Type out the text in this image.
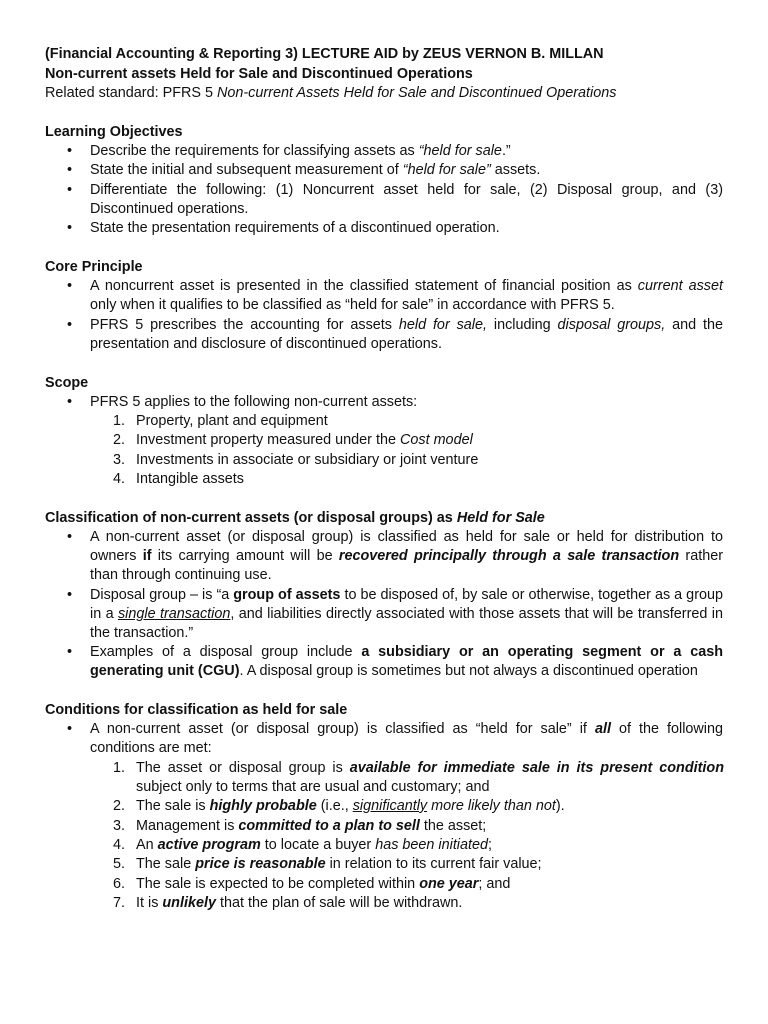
(Financial Accounting & Reporting 3) LECTURE AID by ZEUS VERNON B. MILLAN
Non-current assets Held for Sale and Discontinued Operations
Related standard: PFRS 5 Non-current Assets Held for Sale and Discontinued Operations
Learning Objectives
•	Describe the requirements for classifying assets as “held for sale.”
•	State the initial and subsequent measurement of “held for sale” assets.
•	Differentiate the following: (1) Noncurrent asset held for sale, (2) Disposal group, and (3) Discontinued operations.
•	State the presentation requirements of a discontinued operation.
Core Principle
•	A noncurrent asset is presented in the classified statement of financial position as current asset only when it qualifies to be classified as “held for sale” in accordance with PFRS 5.
•	PFRS 5 prescribes the accounting for assets held for sale, including disposal groups, and the presentation and disclosure of discontinued operations.
Scope
•	PFRS 5 applies to the following non-current assets:
1. Property, plant and equipment
2. Investment property measured under the Cost model
3. Investments in associate or subsidiary or joint venture
4. Intangible assets
Classification of non-current assets (or disposal groups) as Held for Sale
•	A non-current asset (or disposal group) is classified as held for sale or held for distribution to owners if its carrying amount will be recovered principally through a sale transaction rather than through continuing use.
•	Disposal group – is “a group of assets to be disposed of, by sale or otherwise, together as a group in a single transaction, and liabilities directly associated with those assets that will be transferred in the transaction.”
•	Examples of a disposal group include a subsidiary or an operating segment or a cash generating unit (CGU). A disposal group is sometimes but not always a discontinued operation
Conditions for classification as held for sale
•	A non-current asset (or disposal group) is classified as “held for sale” if all of the following conditions are met:
1. The asset or disposal group is available for immediate sale in its present condition subject only to terms that are usual and customary; and
2. The sale is highly probable (i.e., significantly more likely than not).
3. Management is committed to a plan to sell the asset;
4. An active program to locate a buyer has been initiated;
5. The sale price is reasonable in relation to its current fair value;
6. The sale is expected to be completed within one year; and
7. It is unlikely that the plan of sale will be withdrawn.
